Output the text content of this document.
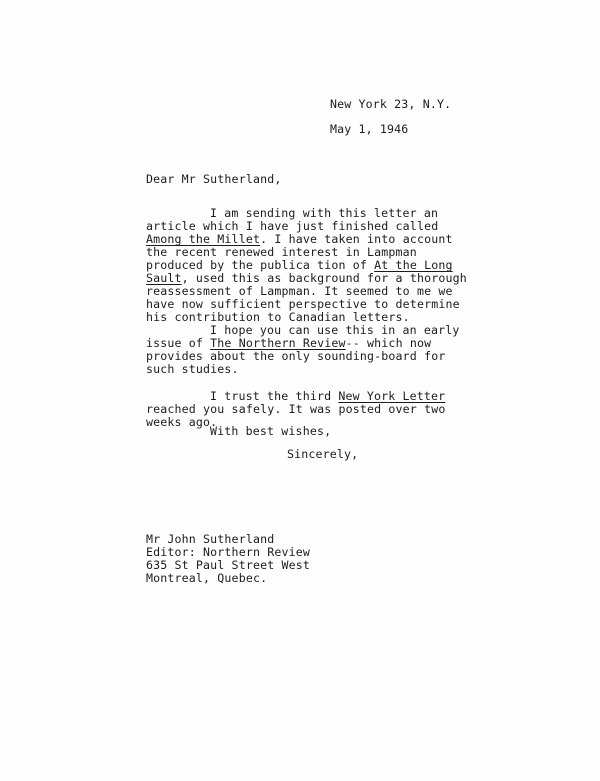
New York 23, N.Y.
May 1, 1946
Dear Mr Sutherland,
I am sending with this letter an
article which I have just finished called
Among the Millet. I have taken into account
the recent renewed interest in Lampman
produced by the publica tion of At the Long
Sault, used this as background for a thorough
reassessment of Lampman. It seemed to me we
have now sufficient perspective to determine
his contribution to Canadian letters.
I hope you can use this in an early
issue of The Northern Review-- which now
provides about the only sounding-board for
such studies.
I trust the third New York Letter
reached you safely. It was posted over two
weeks ago.
With best wishes,
Sincerely,
Mr John Sutherland
Editor: Northern Review
635 St Paul Street West
Montreal, Quebec.
